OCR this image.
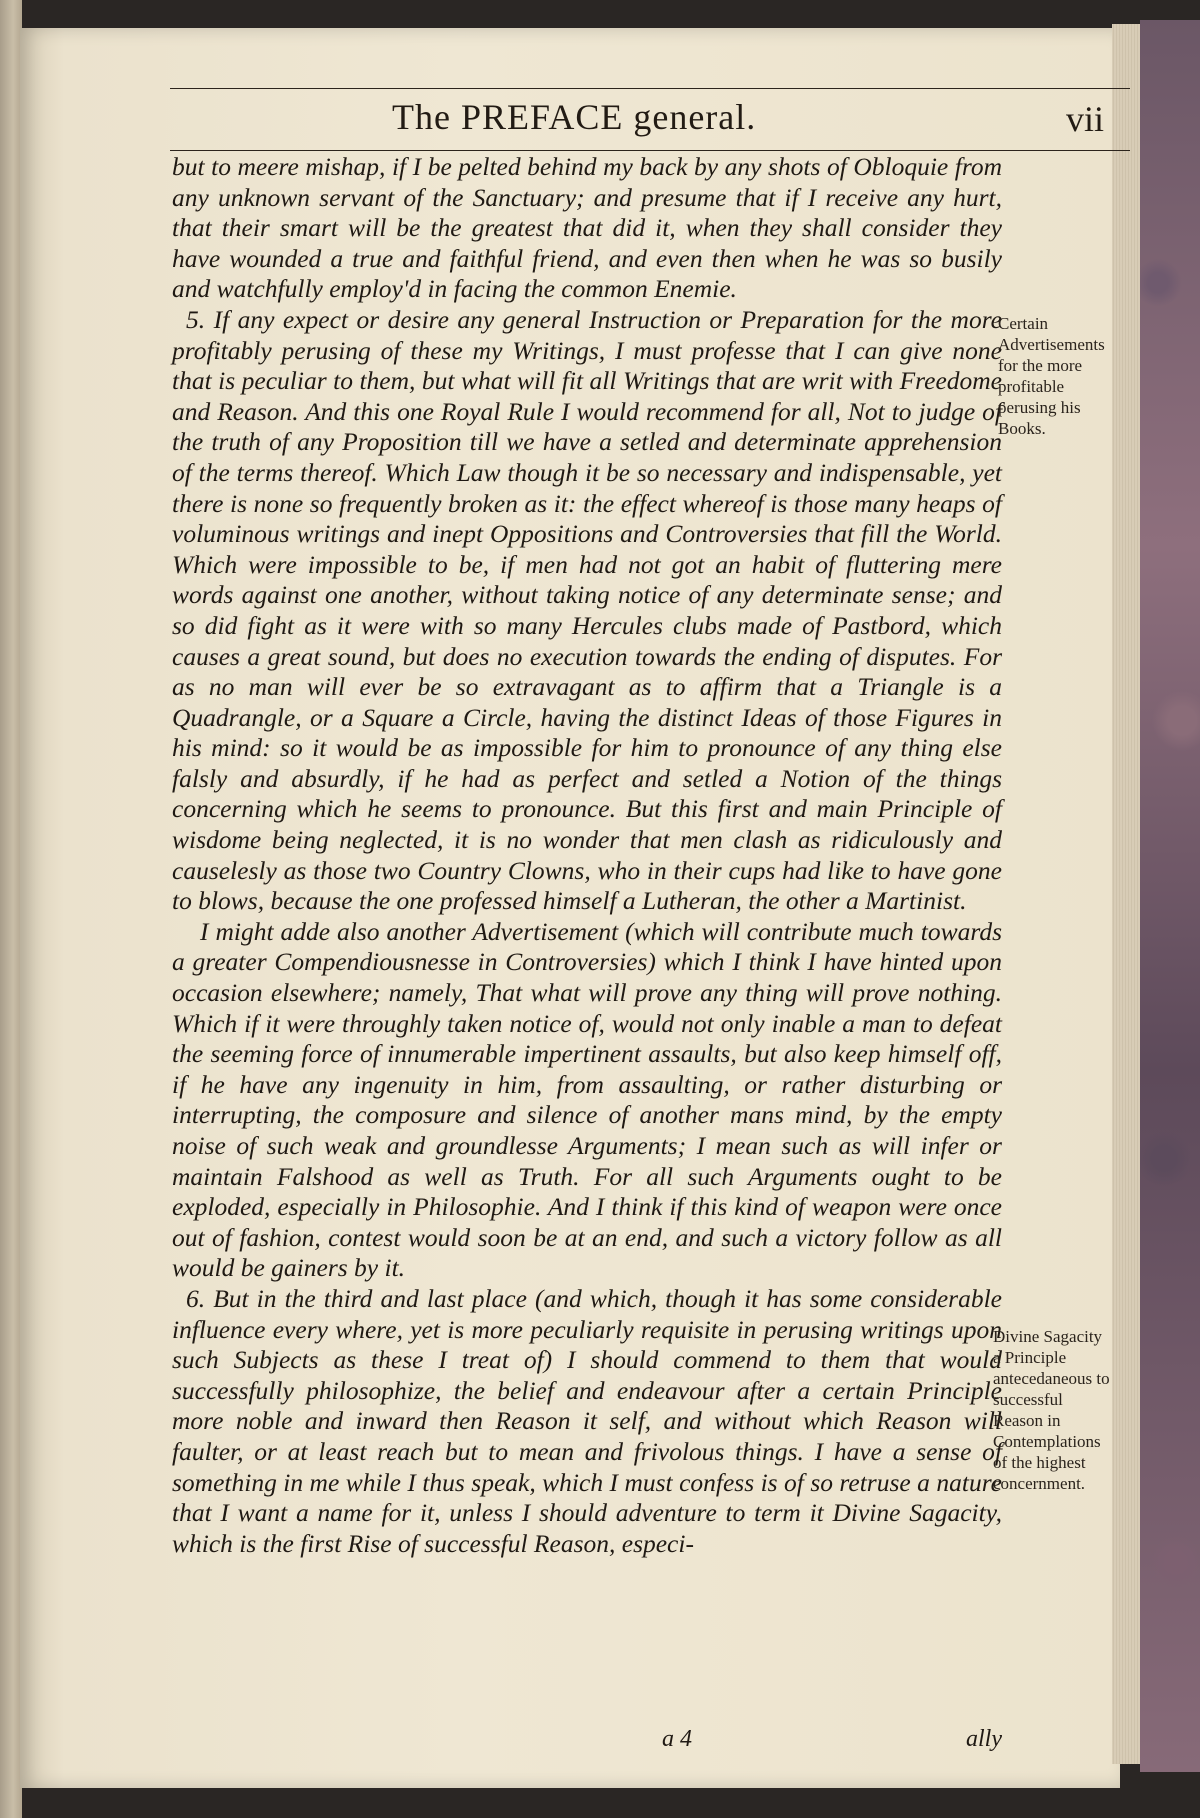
The PREFACE general.	vii

but to meere mishap, if I be pelted behind my back by any shots of Obloquie from any unknown servant of the Sanctuary; and presume that if I receive any hurt, that their smart will be the greatest that did it, when they shall consider they have wounded a true and faithful friend, and even then when he was so busily and watchfully employ'd in facing the common Enemie.

5. If any expect or desire any general Instruction or Preparation for the more profitably perusing of these my Writings, I must professe that I can give none that is peculiar to them, but what will fit all Writings that are writ with Freedome and Reason. And this one Royal Rule I would recommend for all, Not to judge of the truth of any Proposition till we have a setled and determinate apprehension of the terms thereof. Which Law though it be so necessary and indispensable, yet there is none so frequently broken as it: the effect whereof is those many heaps of voluminous writings and inept Oppositions and Controversies that fill the World. Which were impossible to be, if men had not got an habit of fluttering mere words against one another, without taking notice of any determinate sense; and so did fight as it were with so many Hercules clubs made of Pastbord, which causes a great sound, but does no execution towards the ending of disputes. For as no man will ever be so extravagant as to affirm that a Triangle is a Quadrangle, or a Square a Circle, having the distinct Ideas of those Figures in his mind: so it would be as impossible for him to pronounce of any thing else falsly and absurdly, if he had as perfect and setled a Notion of the things concerning which he seems to pronounce. But this first and main Principle of wisdome being neglected, it is no wonder that men clash as ridiculously and causelesly as those two Country Clowns, who in their cups had like to have gone to blows, because the one professed himself a Lutheran, the other a Martinist.

I might adde also another Advertisement (which will contribute much towards a greater Compendiousnesse in Controversies) which I think I have hinted upon occasion elsewhere; namely, That what will prove any thing will prove nothing. Which if it were throughly taken notice of, would not only inable a man to defeat the seeming force of innumerable impertinent assaults, but also keep himself off, if he have any ingenuity in him, from assaulting, or rather disturbing or interrupting, the composure and silence of another mans mind, by the empty noise of such weak and groundlesse Arguments; I mean such as will infer or maintain Falshood as well as Truth. For all such Arguments ought to be exploded, especially in Philosophie. And I think if this kind of weapon were once out of fashion, contest would soon be at an end, and such a victory follow as all would be gainers by it.

6. But in the third and last place (and which, though it has some considerable influence every where, yet is more peculiarly requisite in perusing writings upon such Subjects as these I treat of) I should commend to them that would successfully philosophize, the belief and endeavour after a certain Principle more noble and inward then Reason it self, and without which Reason will faulter, or at least reach but to mean and frivolous things. I have a sense of something in me while I thus speak, which I must confess is of so retruse a nature that I want a name for it, unless I should adventure to term it Divine Sagacity, which is the first Rise of successful Reason, especi-

Certain Advertisements for the more profitable perusing his Books.
Divine Sagacity a Principle antecedaneous to successful Reason in Contemplations of the highest concernment.
a 4	ally
